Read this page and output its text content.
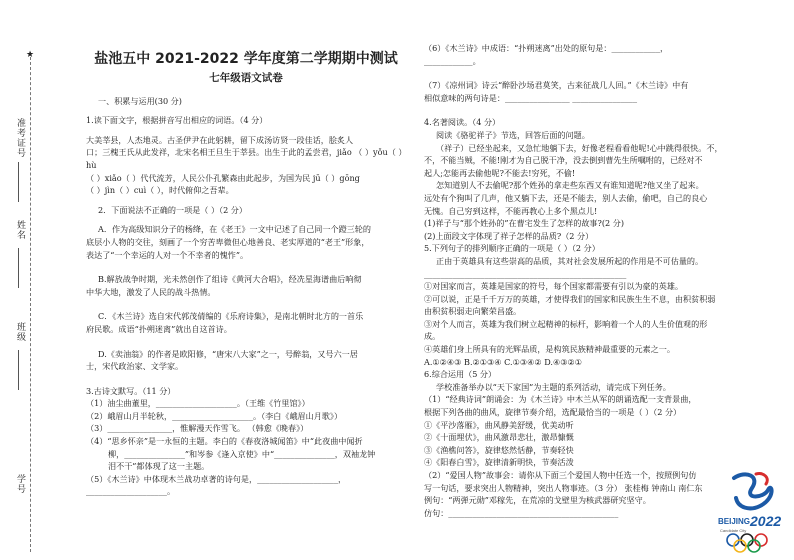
★
准考证号
姓名
班级
学号
盐池五中 2021-2022 学年度第二学期期中测试
七年级语文试卷

一、积累与运用(30 分)

1.读下面文字，根据拼音写出相应的词语。（4 分）

大美莘县，人杰地灵。古圣伊尹在此躬耕，留下成汤访贤一段佳话，脍炙人

口；三槐王氏从此发祥，北宋名相王旦生于莘县。出生于此的孟尝君，jiǎo （ ）yǒu（ ）hù

（ ）xiǎo（ ）代代流芳，人民公仆孔繁森由此起步，为国为民 jū（ ）gōng

（ ）jìn（ ）cuì（ ），时代俯仰之吾辈。

2．下面说法不正确的一项是（ ）（2 分）

A．作为高级知识分子的杨绛，在《老王》一文中记述了自己同一个蹬三轮的

底层小人物的交往，刻画了一个穷苦卑微但心地善良、老实厚道的“老王”形象，

表达了“一个幸运的人对一个不幸者的愧怍”。

B.解放战争时期，光未然创作了组诗《黄河大合唱》，经冼星海谱曲后响彻

中华大地，激发了人民的战斗热情。

C．《木兰诗》选自宋代郭茂倩编的《乐府诗集》，是南北朝时北方的一首乐

府民歌。成语“扑朔迷离”就出自这首诗。

D.《卖油翁》的作者是欧阳修，“唐宋八大家”之一，号醉翁，又号六一居

士，宋代政治家、文学家。

3.古诗文默写。（11 分）

（1）油尘曲董里，____________________。（王维《竹里馆》）

（2）峨眉山月半轮秋，____________________。（李白《峨眉山月歌》）

（3）________________，惟解漫天作雪飞。 （韩愈《晚春》）

（4）“思乡怀亲”是一永恒的主题。李白的《春夜洛城闻笛》中“此夜曲中闻折

柳，_______________”和岑参《逢入京使》中“_______________，双袖龙钟

泪不干”都体现了这一主题。

（5）《木兰诗》中体现木兰战功卓著的诗句是，____________________，

____________________。

（6）《木兰诗》中成语：“扑朔迷离”出处的原句是：____________，

____________。

（7）《凉州词》诗云“醉卧沙场君莫笑，古来征战几人回。”《木兰诗》中有

相似意味的两句诗是：________________ ________________

4.名著阅读。（4 分）

阅读《骆驼祥子》节选，回答后面的问题。

（祥子）已经坐起来，又急忙地躺下去，好像老程看看他呢!心中跳得很快。不，

不，不能当贼，不能!刚才为自己脱干净，没去倒到曹先生所嘱咐的，已经对不

起人;怎能再去偷他呢?不能去!穷死，不偷!

怎知道别人不去偷呢?那个姓孙的拿走些东西又有谁知道呢?他又坐了起来。

远处有个狗叫了几声，他又躺下去，还是不能去，别人去偷，偷吧，自己的良心

无愧。自己穷到这样，不能再教心上多个黑点儿!

(1)祥子与“那个姓孙的”在曹宅发生了怎样的故事?(2 分)

(2)上面段文字体现了祥子怎样的品质?（2 分）

5.下列句子的排列顺序正确的一项是（ ）（2 分）

正由于英雄具有这些崇高的品质，其对社会发展所起的作用是不可估量的。

__________________________________________________

①对国家而言，英雄是国家的符号，每个国家都需要有引以为豪的英雄。

②可以说，正是千千万万的英雄，才使得我们的国家和民族生生不息，由积贫积弱

由积贫积弱走向繁荣昌盛。

③对个人而言，英雄为我们树立起精神的标杆，影响着一个人的人生价值观的形

成。

④英雄们身上所具有的光辉品质，是构筑民族精神最重要的元素之一。

A.①②④③ B.②①③④ C.①③④② D.④③②①

6.综合运用（5 分）

学校准备举办以“天下家国”为主题的系列活动，请完成下列任务。

（1）“经典诗词”朗诵会：为《木兰诗》中木兰从军的朗诵选配一支背景曲，

根据下列各曲的曲风，旋律节奏介绍，选配最恰当的一项是（ ）（2 分）

①《平沙落雁》，曲风静美舒缓，优美动听

②《十面埋伏》，曲风激昂悲壮，激昂慷慨

③《渔樵问答》，旋律悠然恬静，节奏轻快

④《阳春白雪》，旋律清新明快，节奏活泼

（2）“爱国人物”故事会：请你从下面三个爱国人物中任选一个，按照例句仿

写一句话，要求突出人物精神，突出人物事迹。（3 分） 张桂梅 钟南山 南仁东

例句：“两弹元勋”邓稼先，在荒凉的戈壁里为核武器研究坚守。

仿句：__________________________________________

BEIJING 2022
Candidate City
